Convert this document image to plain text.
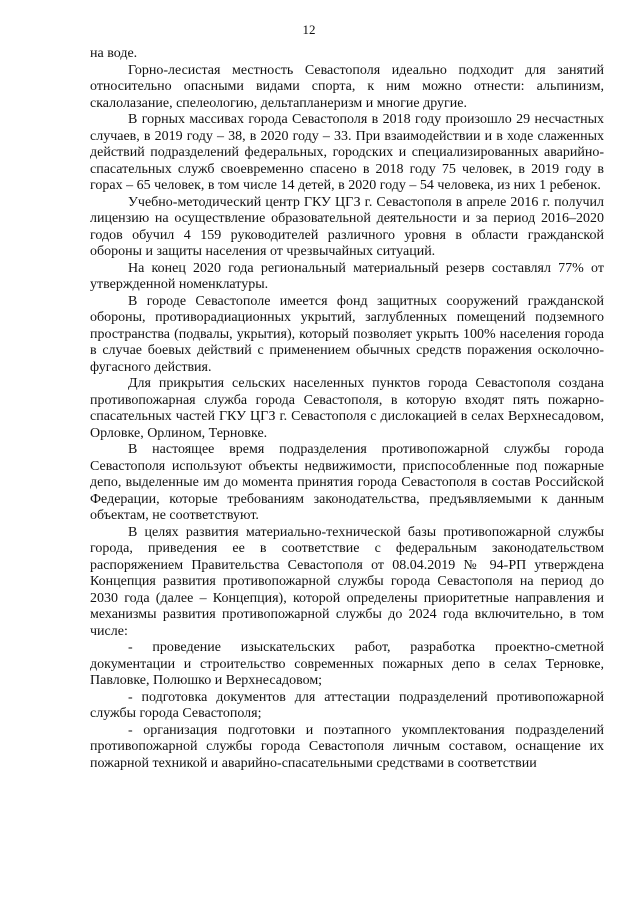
12

на воде.

Горно-лесистая местность Севастополя идеально подходит для занятий относительно опасными видами спорта, к ним можно отнести: альпинизм, скалолазание, спелеологию, дельтапланеризм и многие другие.

В горных массивах города Севастополя в 2018 году произошло 29 несчастных случаев, в 2019 году – 38, в 2020 году – 33. При взаимодействии и в ходе слаженных действий подразделений федеральных, городских и специализированных аварийно-спасательных служб своевременно спасено в 2018 году 75 человек, в 2019 году в горах – 65 человек, в том числе 14 детей, в 2020 году – 54 человека, из них 1 ребенок.

Учебно-методический центр ГКУ ЦГЗ г. Севастополя в апреле 2016 г. получил лицензию на осуществление образовательной деятельности и за период 2016–2020 годов обучил 4 159 руководителей различного уровня в области гражданской обороны и защиты населения от чрезвычайных ситуаций.

На конец 2020 года региональный материальный резерв составлял 77% от утвержденной номенклатуры.

В городе Севастополе имеется фонд защитных сооружений гражданской обороны, противорадиационных укрытий, заглубленных помещений подземного пространства (подвалы, укрытия), который позволяет укрыть 100% населения города в случае боевых действий с применением обычных средств поражения осколочно-фугасного действия.

Для прикрытия сельских населенных пунктов города Севастополя создана противопожарная служба города Севастополя, в которую входят пять пожарно-спасательных частей ГКУ ЦГЗ г. Севастополя с дислокацией в селах Верхнесадовом, Орловке, Орлином, Терновке.

В настоящее время подразделения противопожарной службы города Севастополя используют объекты недвижимости, приспособленные под пожарные депо, выделенные им до момента принятия города Севастополя в состав Российской Федерации, которые требованиям законодательства, предъявляемыми к данным объектам, не соответствуют.

В целях развития материально-технической базы противопожарной службы города, приведения ее в соответствие с федеральным законодательством распоряжением Правительства Севастополя от 08.04.2019 № 94-РП утверждена Концепция развития противопожарной службы города Севастополя на период до 2030 года (далее – Концепция), которой определены приоритетные направления и механизмы развития противопожарной службы до 2024 года включительно, в том числе:

- проведение изыскательских работ, разработка проектно-сметной документации и строительство современных пожарных депо в селах Терновке, Павловке, Полюшко и Верхнесадовом;

- подготовка документов для аттестации подразделений противопожарной службы города Севастополя;

- организация подготовки и поэтапного укомплектования подразделений противопожарной службы города Севастополя личным составом, оснащение их пожарной техникой и аварийно-спасательными средствами в соответствии
